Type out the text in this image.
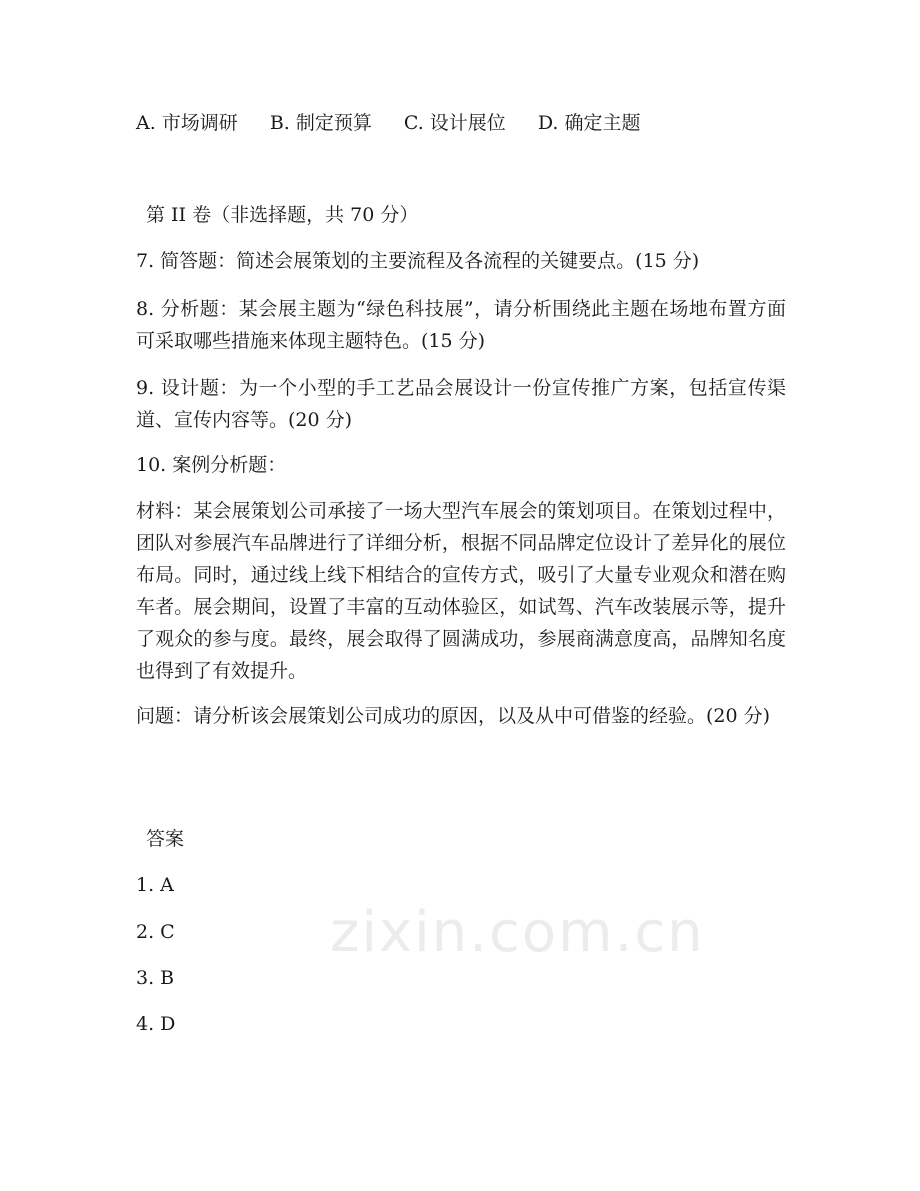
A. 市场调研 B. 制定预算 C. 设计展位 D. 确定主题
第 II 卷（非选择题，共 70 分）
7. 简答题：简述会展策划的主要流程及各流程的关键要点。(15 分)
8. 分析题：某会展主题为“绿色科技展”，请分析围绕此主题在场地布置方面可采取哪些措施来体现主题特色。(15 分)
9. 设计题：为一个小型的手工艺品会展设计一份宣传推广方案，包括宣传渠道、宣传内容等。(20 分)
10. 案例分析题：
材料：某会展策划公司承接了一场大型汽车展会的策划项目。在策划过程中，团队对参展汽车品牌进行了详细分析，根据不同品牌定位设计了差异化的展位布局。同时，通过线上线下相结合的宣传方式，吸引了大量专业观众和潜在购车者。展会期间，设置了丰富的互动体验区，如试驾、汽车改装展示等，提升了观众的参与度。最终，展会取得了圆满成功，参展商满意度高，品牌知名度也得到了有效提升。
问题：请分析该会展策划公司成功的原因，以及从中可借鉴的经验。(20 分)
zixin.com.cn
答案
1. A
2. C
3. B
4. D
